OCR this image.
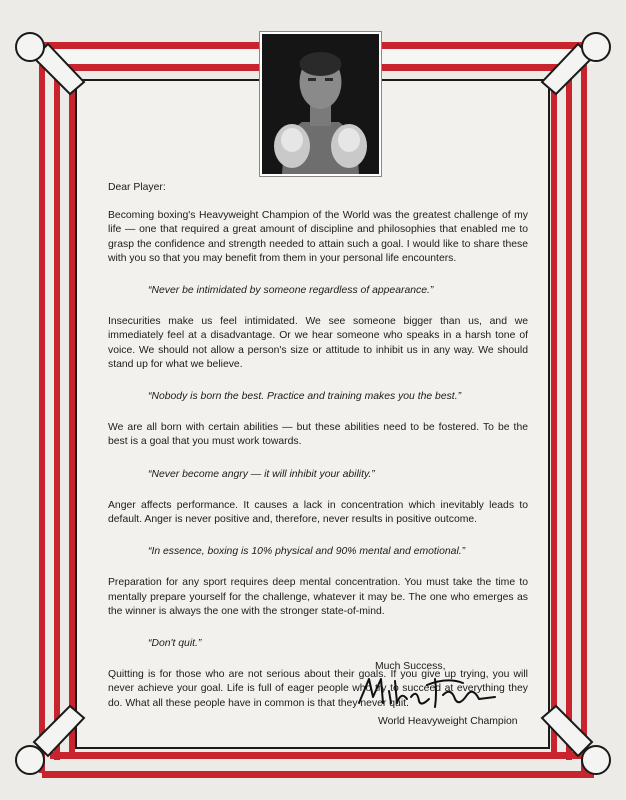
Dear Player:

Becoming boxing's Heavyweight Champion of the World was the greatest challenge of my life — one that required a great amount of discipline and philosophies that enabled me to grasp the confidence and strength needed to attain such a goal. I would like to share these with you so that you may benefit from them in your personal life encounters.

“Never be intimidated by someone regardless of appearance.”

Insecurities make us feel intimidated. We see someone bigger than us, and we immediately feel at a disadvantage. Or we hear someone who speaks in a harsh tone of voice. We should not allow a person's size or attitude to inhibit us in any way. We should stand up for what we believe.

“Nobody is born the best. Practice and training makes you the best.”

We are all born with certain abilities — but these abilities need to be fostered. To be the best is a goal that you must work towards.

“Never become angry — it will inhibit your ability.”

Anger affects performance. It causes a lack in concentration which inevitably leads to default. Anger is never positive and, therefore, never results in positive outcome.

“In essence, boxing is 10% physical and 90% mental and emotional.”

Preparation for any sport requires deep mental concentration. You must take the time to mentally prepare yourself for the challenge, whatever it may be. The one who emerges as the winner is always the one with the stronger state-of-mind.

“Don't quit.”

Quitting is for those who are not serious about their goals. If you give up trying, you will never achieve your goal. Life is full of eager people who try to succeed at everything they do. What all these people have in common is that they never quit.

Much Success,
World Heavyweight Champion
